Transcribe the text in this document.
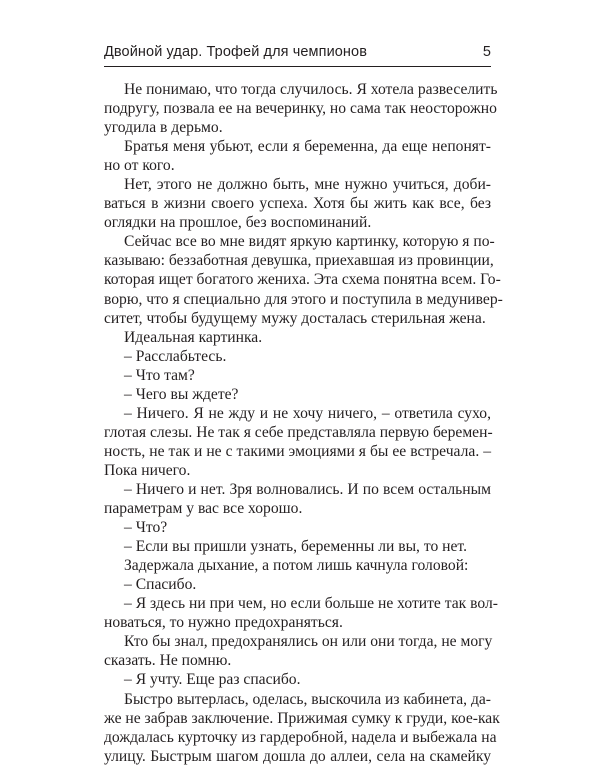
Двойной удар. Трофей для чемпионов	5
Не понимаю, что тогда случилось. Я хотела развеселить
подругу, позвала ее на вечеринку, но сама так неосторожно
угодила в дерьмо.
Братья меня убьют, если я беременна, да еще непонят-
но от кого.
Нет, этого не должно быть, мне нужно учиться, доби-
ваться в жизни своего успеха. Хотя бы жить как все, без
оглядки на прошлое, без воспоминаний.
Сейчас все во мне видят яркую картинку, которую я по-
казываю: беззаботная девушка, приехавшая из провинции,
которая ищет богатого жениха. Эта схема понятна всем. Го-
ворю, что я специально для этого и поступила в медунивер-
ситет, чтобы будущему мужу досталась стерильная жена.
Идеальная картинка.
– Расслабьтесь.
– Что там?
– Чего вы ждете?
– Ничего. Я не жду и не хочу ничего, – ответила сухо,
глотая слезы. Не так я себе представляла первую беремен-
ность, не так и не с такими эмоциями я бы ее встречала. –
Пока ничего.
– Ничего и нет. Зря волновались. И по всем остальным
параметрам у вас все хорошо.
– Что?
– Если вы пришли узнать, беременны ли вы, то нет.
Задержала дыхание, а потом лишь качнула головой:
– Спасибо.
– Я здесь ни при чем, но если больше не хотите так вол-
новаться, то нужно предохраняться.
Кто бы знал, предохранялись он или они тогда, не могу
сказать. Не помню.
– Я учту. Еще раз спасибо.
Быстро вытерлась, оделась, выскочила из кабинета, да-
же не забрав заключение. Прижимая сумку к груди, кое-как
дождалась курточку из гардеробной, надела и выбежала на
улицу. Быстрым шагом дошла до аллеи, села на скамейку
